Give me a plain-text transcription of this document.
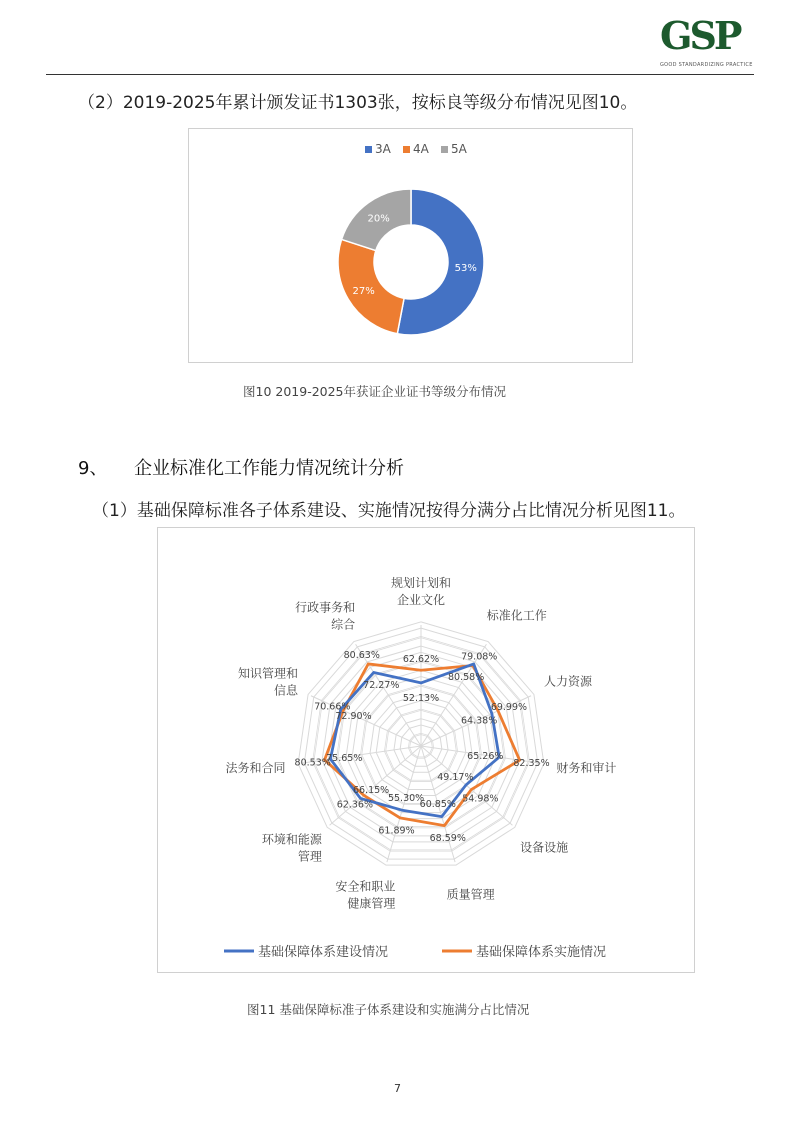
GSP
GOOD STANDARDIZING PRACTICE
（2）2019-2025年累计颁发证书1303张，按标良等级分布情况见图10。
3A	4A	5A
53%
27%
20%
图10 2019-2025年获证企业证书等级分布情况
9、 企业标准化工作能力情况统计分析
（1）基础保障标准各子体系建设、实施情况按得分满分占比情况分析见图11。
52.13%
80.58%
64.38%
65.26%
49.17%
60.85%
55.30%
66.15%
75.65%
72.90%
72.27%
62.62% 79.08%
69.99%
82.35%
54.98%
68.59%
61.89%
62.36%
80.53%
70.66%
80.63%
规划计划和企业文化
标准化工作
人力资源
财务和审计
设备设施
质量管理
安全和职业健康管理
环境和能源管理
法务和合同
知识管理和信息
行政事务和综合
基础保障体系建设情况	基础保障体系实施情况
图11 基础保障标准子体系建设和实施满分占比情况
7
